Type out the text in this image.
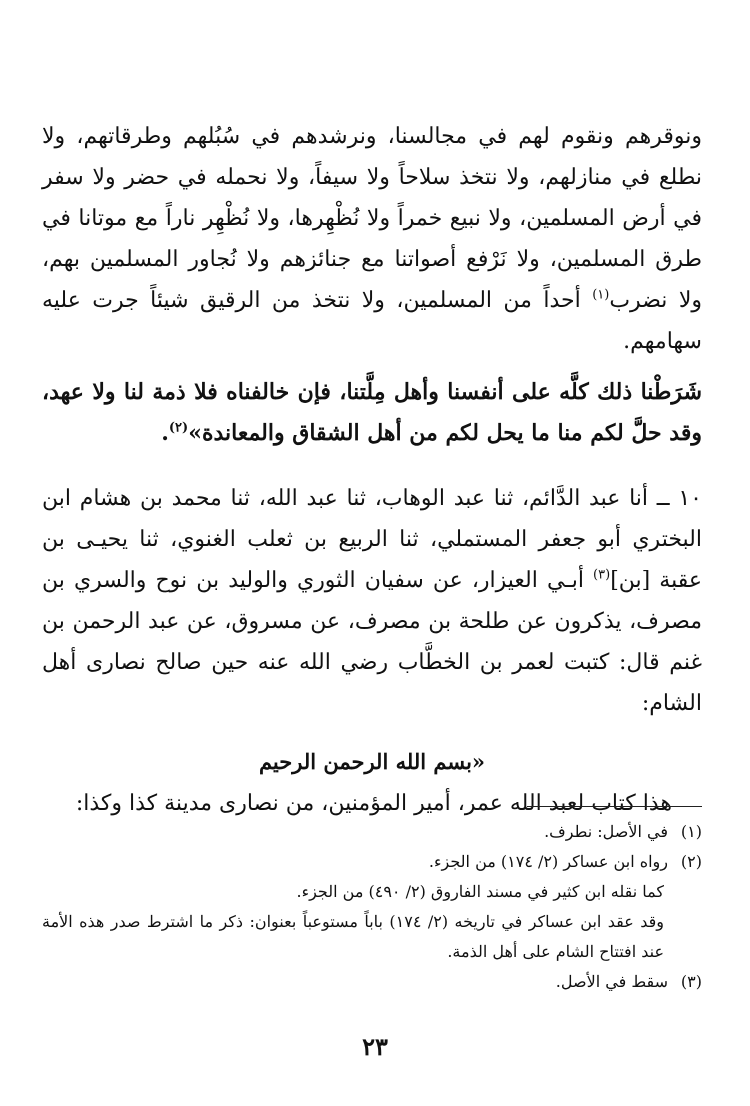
ونوقرهم ونقوم لهم في مجالسنا، ونرشدهم في سُبُلهم وطرقاتهم، ولا نطلع في منازلهم، ولا نتخذ سلاحاً ولا سيفاً، ولا نحمله في حضر ولا سفر في أرض المسلمين، ولا نبيع خمراً ولا نُظْهِرها، ولا نُظْهِر ناراً مع موتانا في طرق المسلمين، ولا نَرْفع أصواتنا مع جنائزهم ولا نُجاور المسلمين بهم، ولا نضرب$^{(١)}$ أحداً من المسلمين، ولا نتخذ من الرقيق شيئاً جرت عليه سهامهم.

شَرَطْنا ذلك كلَّه على أنفسنا وأهل مِلَّتنا، فإن خالفناه فلا ذمة لنا ولا عهد، وقد حلَّ لكم منا ما يحل لكم من أهل الشقاق والمعاندة»$^{(٢)}$.

١٠ ــ أنا عبد الدَّائم، ثنا عبد الوهاب، ثنا عبد الله، ثنا محمد بن هشام ابن البختري أبو جعفر المستملي، ثنا الربيع بن ثعلب الغنوي، ثنا يحيـى بن عقبة [بن]$^{(٣)}$ أبـي العيزار، عن سفيان الثوري والوليد بن نوح والسري بن مصرف، يذكرون عن طلحة بن مصرف، عن مسروق، عن عبد الرحمن بن غنم قال: كتبت لعمر بن الخطَّاب رضي الله عنه حين صالح نصارى أهل الشام:

«بسم الله الرحمن الرحيم

هذا كتاب لعبد الله عمر، أمير المؤمنين، من نصارى مدينة كذا وكذا:

(١)في الأصل: نطرف.

(٢)رواه ابن عساكر (٢/ ١٧٤) من الجزء.

كما نقله ابن كثير في مسند الفاروق (٢/ ٤٩٠) من الجزء.

وقد عقد ابن عساكر في تاريخه (٢/ ١٧٤) باباً مستوعباً بعنوان: ذكر ما اشترط صدر هذه الأمة عند افتتاح الشام على أهل الذمة.

(٣)سقط في الأصل.

٢٣
